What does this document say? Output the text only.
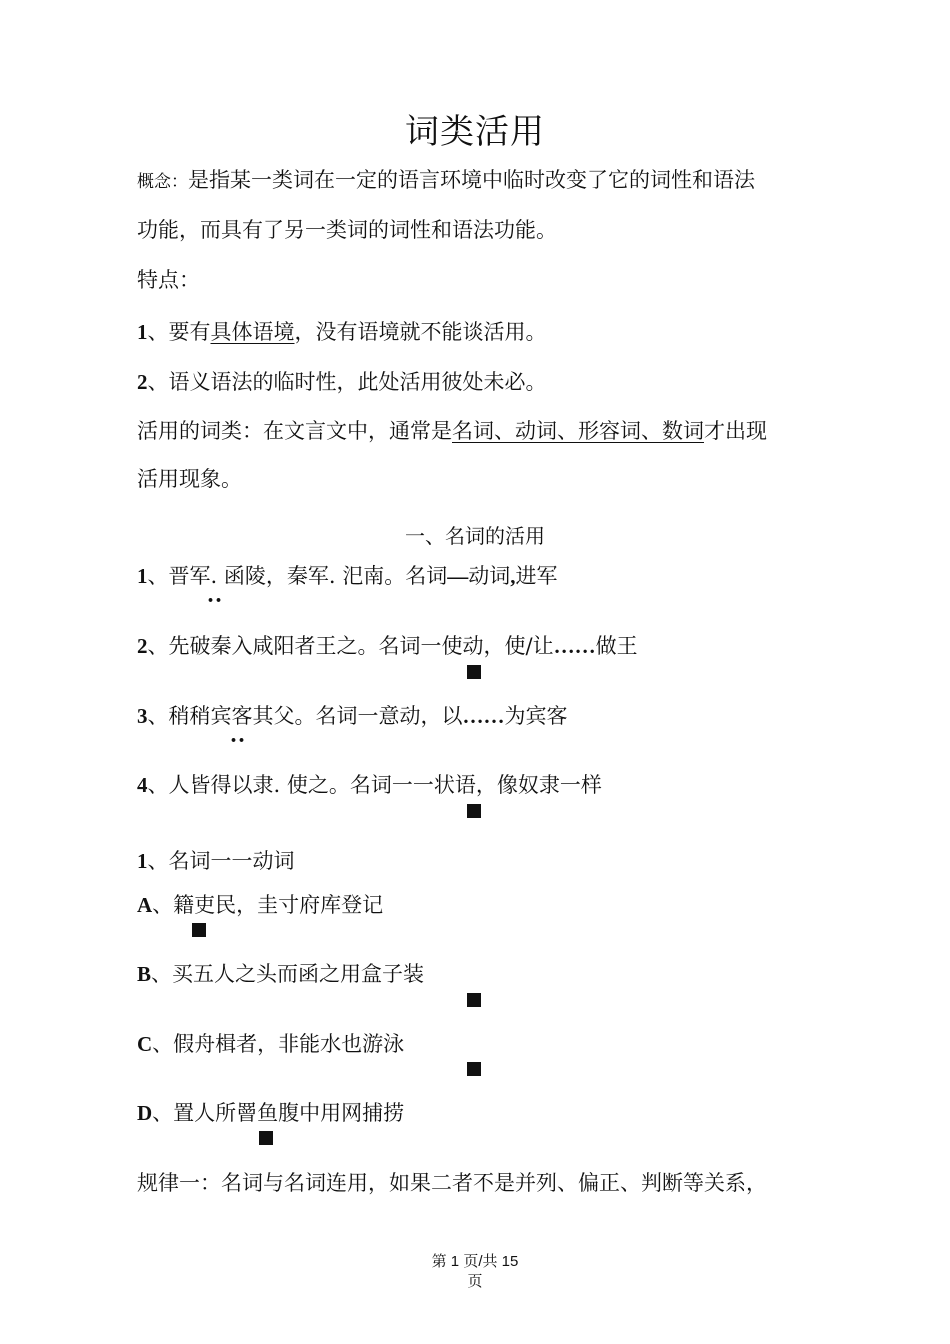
词类活用
概念：是指某一类词在一定的语言环境中临时改变了它的词性和语法
功能，而具有了另一类词的词性和语法功能。
特点：
1、要有具体语境，没有语境就不能谈活用。
2、语义语法的临时性，此处活用彼处未必。
活用的词类：在文言文中，通常是名词、动词、形容词、数词才出现
活用现象。
一、名词的活用
1、晋军. 函陵，秦军. 汜南。名词—动词,进军
••
2、先破秦入咸阳者王之。名词一使动，使/让……做王
3、稍稍宾客其父。名词一意动，以……为宾客
••
4、人皆得以隶. 使之。名词一一状语，像奴隶一样
1、名词一一动词
A、籍吏民，圭寸府库登记
B、买五人之头而函之用盒子装
C、假舟楫者，非能水也游泳
D、置人所罾鱼腹中用网捕捞
规律一：名词与名词连用，如果二者不是并列、偏正、判断等关系，
第 1 页/共 15
页
